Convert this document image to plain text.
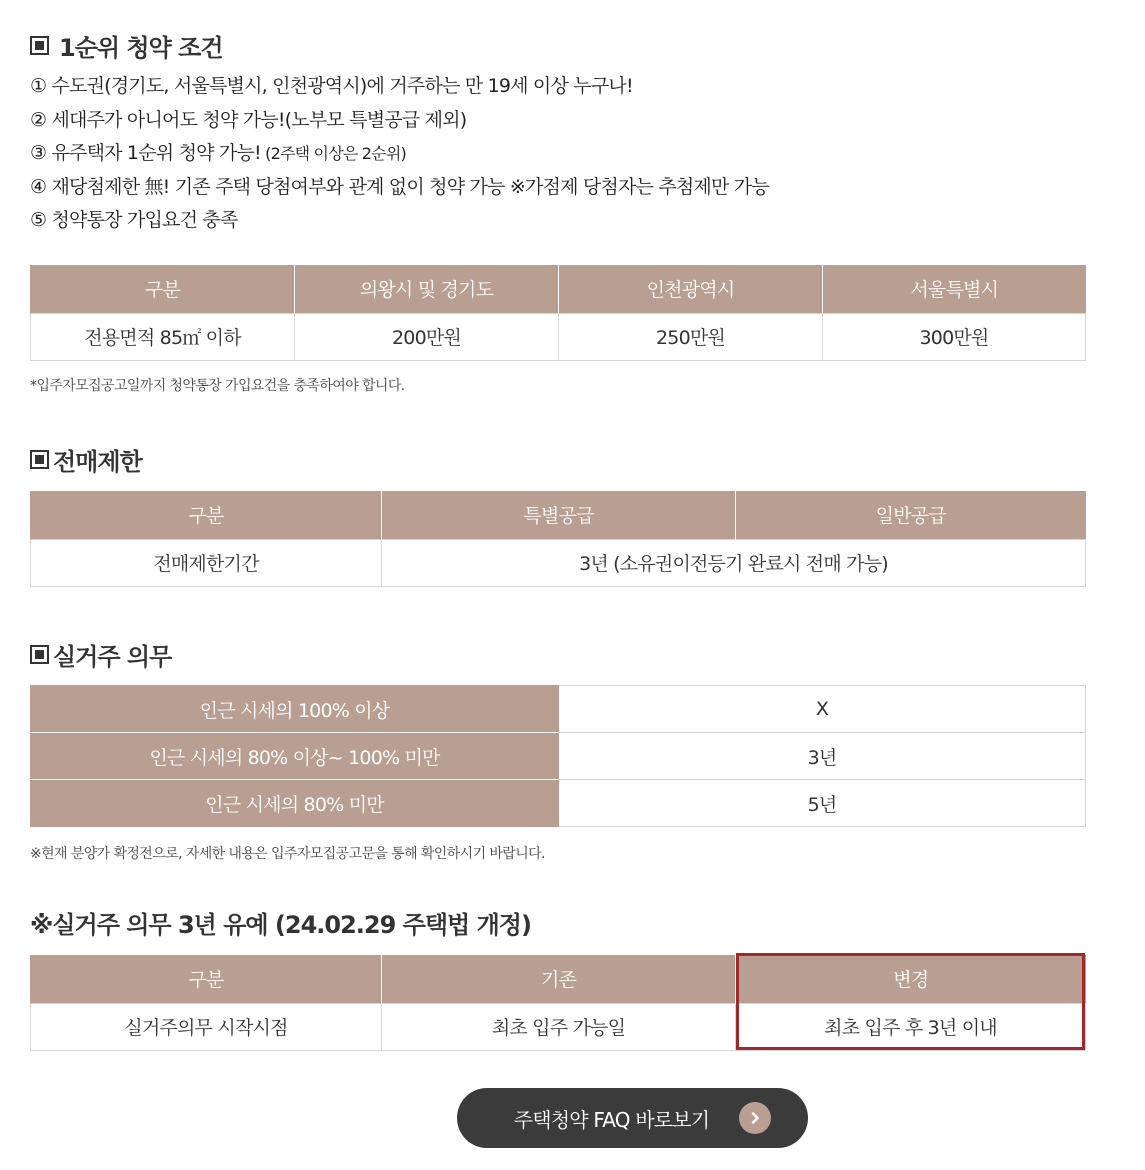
1순위 청약 조건
① 수도권(경기도, 서울특별시, 인천광역시)에 거주하는 만 19세 이상 누구나!
② 세대주가 아니어도 청약 가능!(노부모 특별공급 제외)
③ 유주택자 1순위 청약 가능! (2주택 이상은 2순위)
④ 재당첨제한 無! 기존 주택 당첨여부와 관계 없이 청약 가능 ※가점제 당첨자는 추첨제만 가능
⑤ 청약통장 가입요건 충족
구분	의왕시 및 경기도	인천광역시	서울특별시
전용면적 85㎡ 이하	200만원	250만원	300만원

*입주자모집공고일까지 청약통장 가입요건을 충족하여야 합니다.

전매제한
구분	특별공급	일반공급
전매제한기간	3년 (소유권이전등기 완료시 전매 가능)	
실거주 의무
인근 시세의 100% 이상	X
인근 시세의 80% 이상~ 100% 미만	3년
인근 시세의 80% 미만	5년

※현재 분양가 확정전으로, 자세한 내용은 입주자모집공고문을 통해 확인하시기 바랍니다.

※실거주 의무 3년 유예 (24.02.29 주택법 개정)
구분	기존	변경
실거주의무 시작시점	최초 입주 가능일	최초 입주 후 3년 이내
주택청약 FAQ 바로보기
